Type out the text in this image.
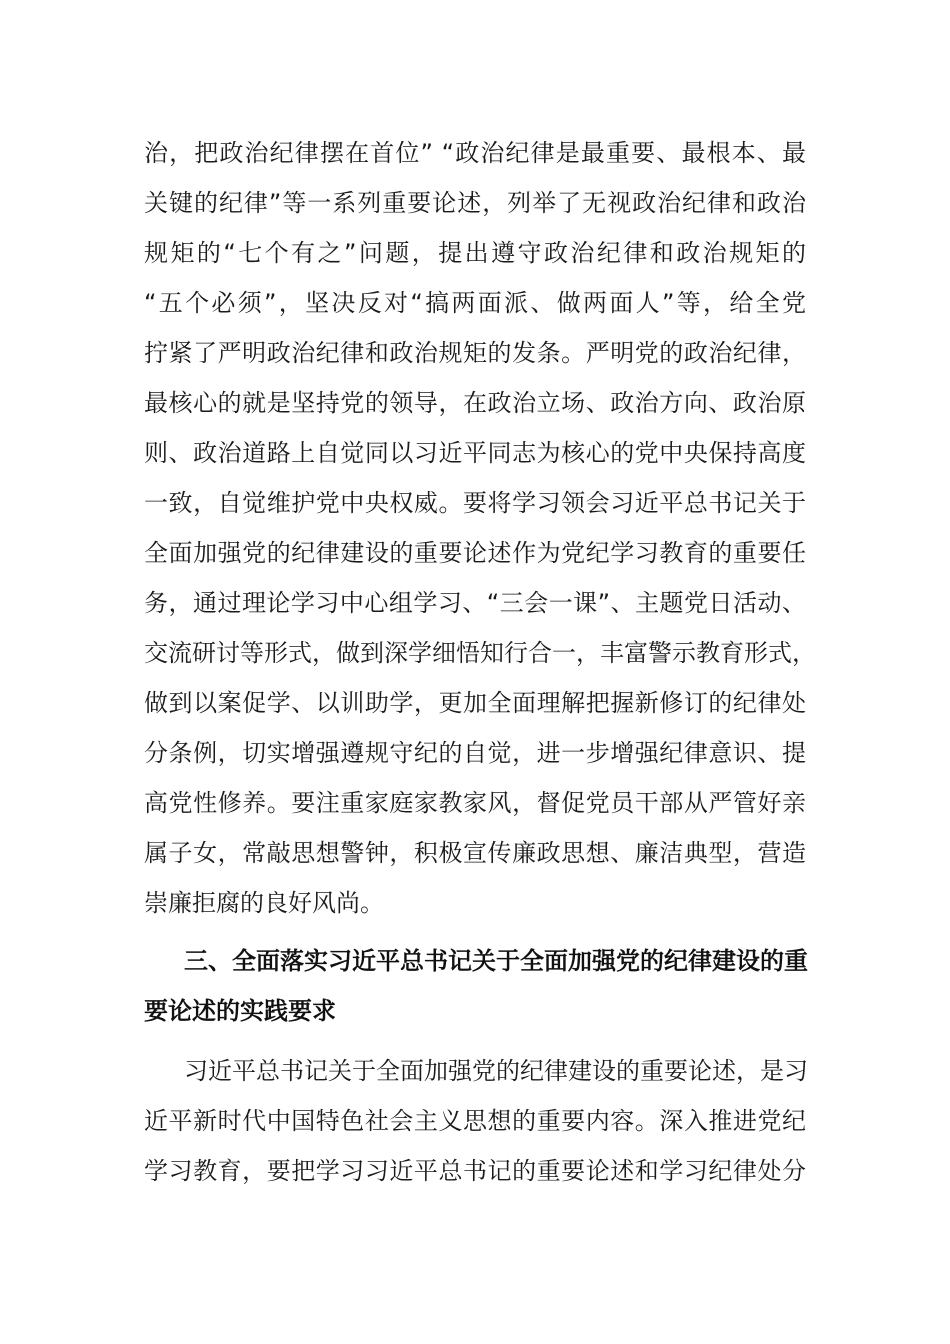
治，把政治纪律摆在首位” “政治纪律是最重要、最根本、最
关键的纪律”等一系列重要论述，列举了无视政治纪律和政治
规矩的“七个有之”问题，提出遵守政治纪律和政治规矩的
“五个必须”，坚决反对“搞两面派、做两面人”等，给全党
拧紧了严明政治纪律和政治规矩的发条。严明党的政治纪律，
最核心的就是坚持党的领导，在政治立场、政治方向、政治原
则、政治道路上自觉同以习近平同志为核心的党中央保持高度
一致，自觉维护党中央权威。要将学习领会习近平总书记关于
全面加强党的纪律建设的重要论述作为党纪学习教育的重要任
务，通过理论学习中心组学习、“三会一课”、主题党日活动、
交流研讨等形式，做到深学细悟知行合一，丰富警示教育形式，
做到以案促学、以训助学，更加全面理解把握新修订的纪律处
分条例，切实增强遵规守纪的自觉，进一步增强纪律意识、提
高党性修养。要注重家庭家教家风，督促党员干部从严管好亲
属子女，常敲思想警钟，积极宣传廉政思想、廉洁典型，营造
崇廉拒腐的良好风尚。
三、全面落实习近平总书记关于全面加强党的纪律建设的重
要论述的实践要求
习近平总书记关于全面加强党的纪律建设的重要论述，是习
近平新时代中国特色社会主义思想的重要内容。深入推进党纪
学习教育，要把学习习近平总书记的重要论述和学习纪律处分
